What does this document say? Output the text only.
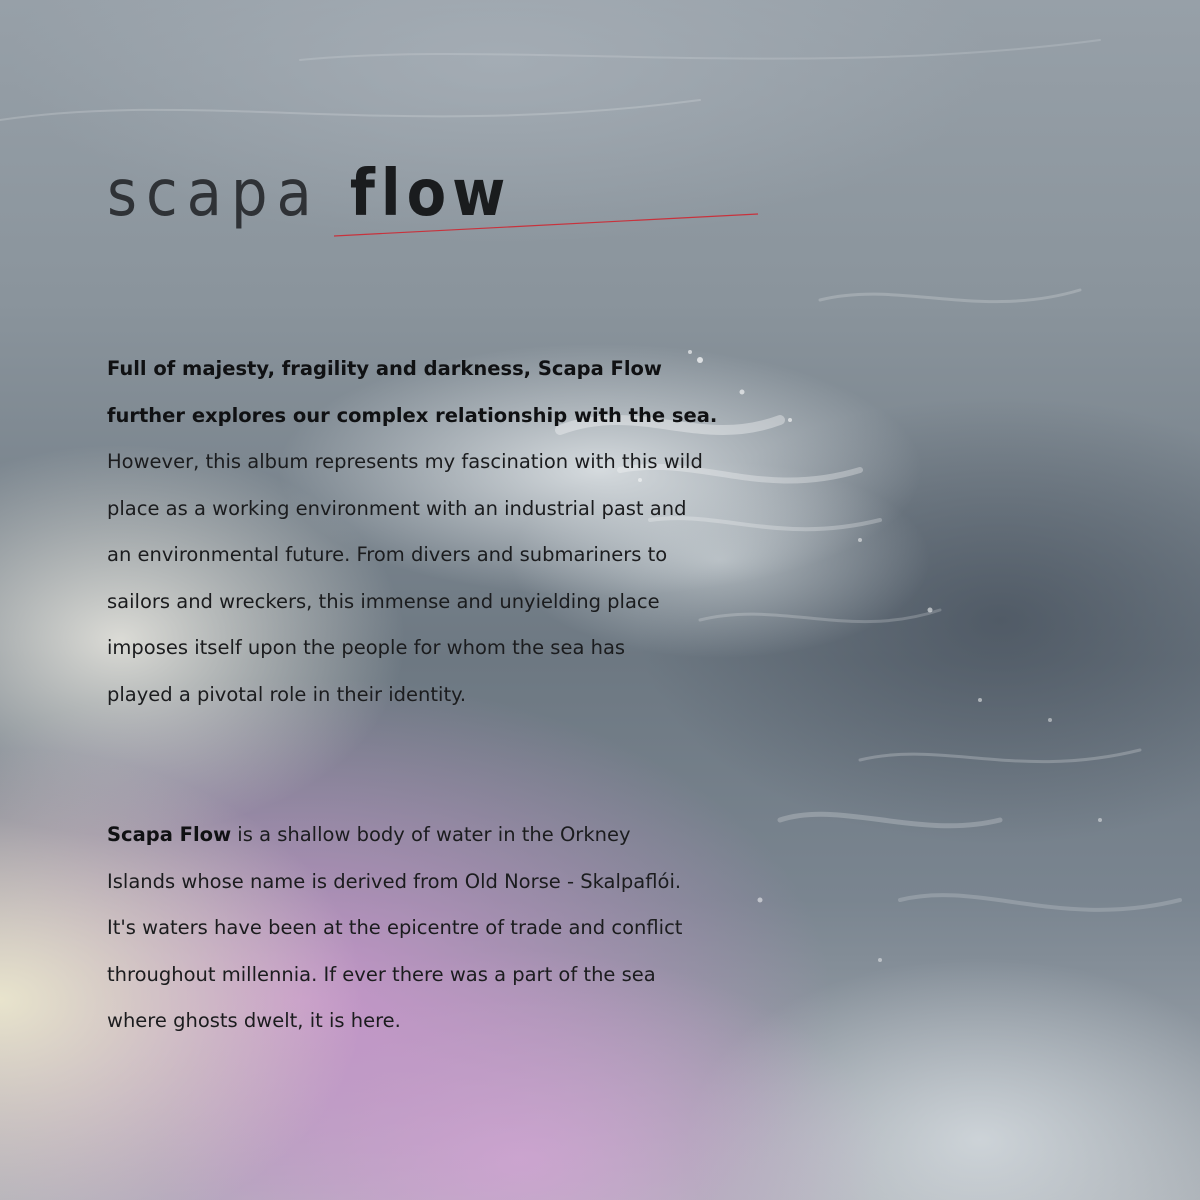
scapa flow

Full of majesty, fragility and darkness, Scapa Flow
further explores our complex relationship with the sea.
However, this album represents my fascination with this wild
place as a working environment with an industrial past and
an environmental future. From divers and submariners to
sailors and wreckers, this immense and unyielding place
imposes itself upon the people for whom the sea has
played a pivotal role in their identity.

Scapa Flow is a shallow body of water in the Orkney
Islands whose name is derived from Old Norse - Skalpaflói.
It's waters have been at the epicentre of trade and conflict
throughout millennia. If ever there was a part of the sea
where ghosts dwelt, it is here.
